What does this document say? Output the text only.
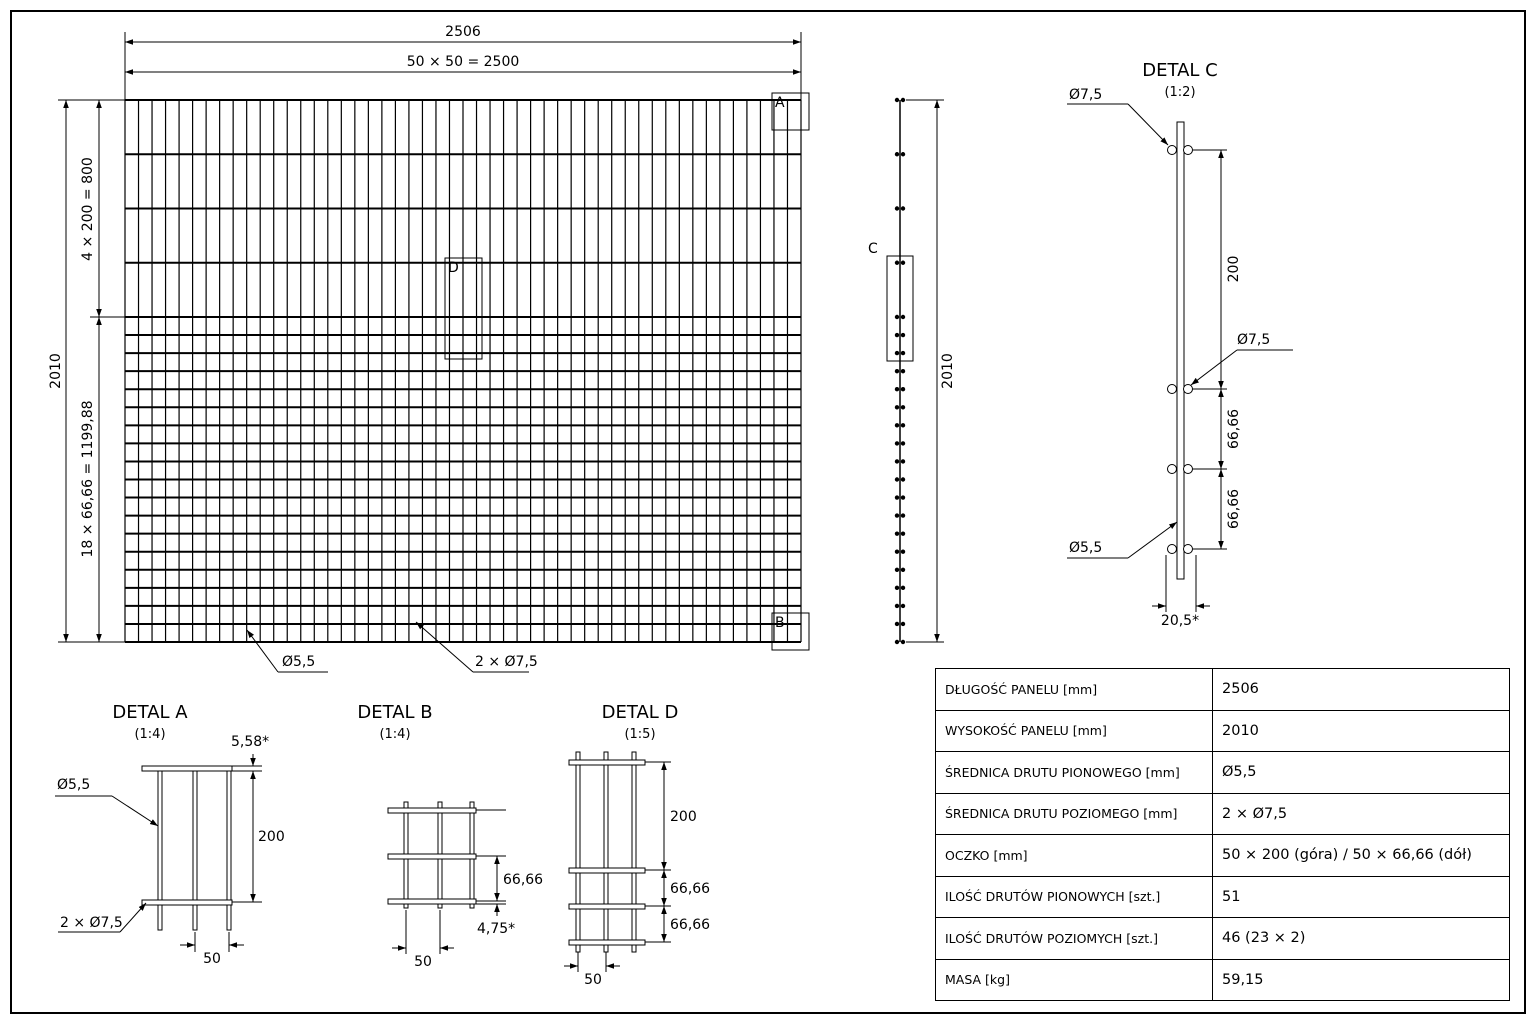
A
B
D
2506
50 × 50 = 2500
2010
4 × 200 = 800
18 × 66,66 = 1199,88
Ø5,5	2 × Ø7,5
C
2010
DETAL C
(1:2)
Ø7,5
Ø7,5
Ø5,5
200
66,66
66,66
20,5*
DETAL A
(1:4)	5,58*
Ø5,5
2 × Ø7,5
200
50
DETAL B
(1:4)
66,66
4,75*
50
DETAL D
(1:5)
200
66,66
66,66
50
DŁUGOŚĆ PANELU [mm]	2506
WYSOKOŚĆ PANELU [mm]	2010
ŚREDNICA DRUTU PIONOWEGO [mm]	Ø5,5
ŚREDNICA DRUTU POZIOMEGO [mm]	2 × Ø7,5
OCZKO [mm]	50 × 200 (góra) / 50 × 66,66 (dół)
ILOŚĆ DRUTÓW PIONOWYCH [szt.]	51
ILOŚĆ DRUTÓW POZIOMYCH [szt.]	46 (23 × 2)
MASA [kg]	59,15
